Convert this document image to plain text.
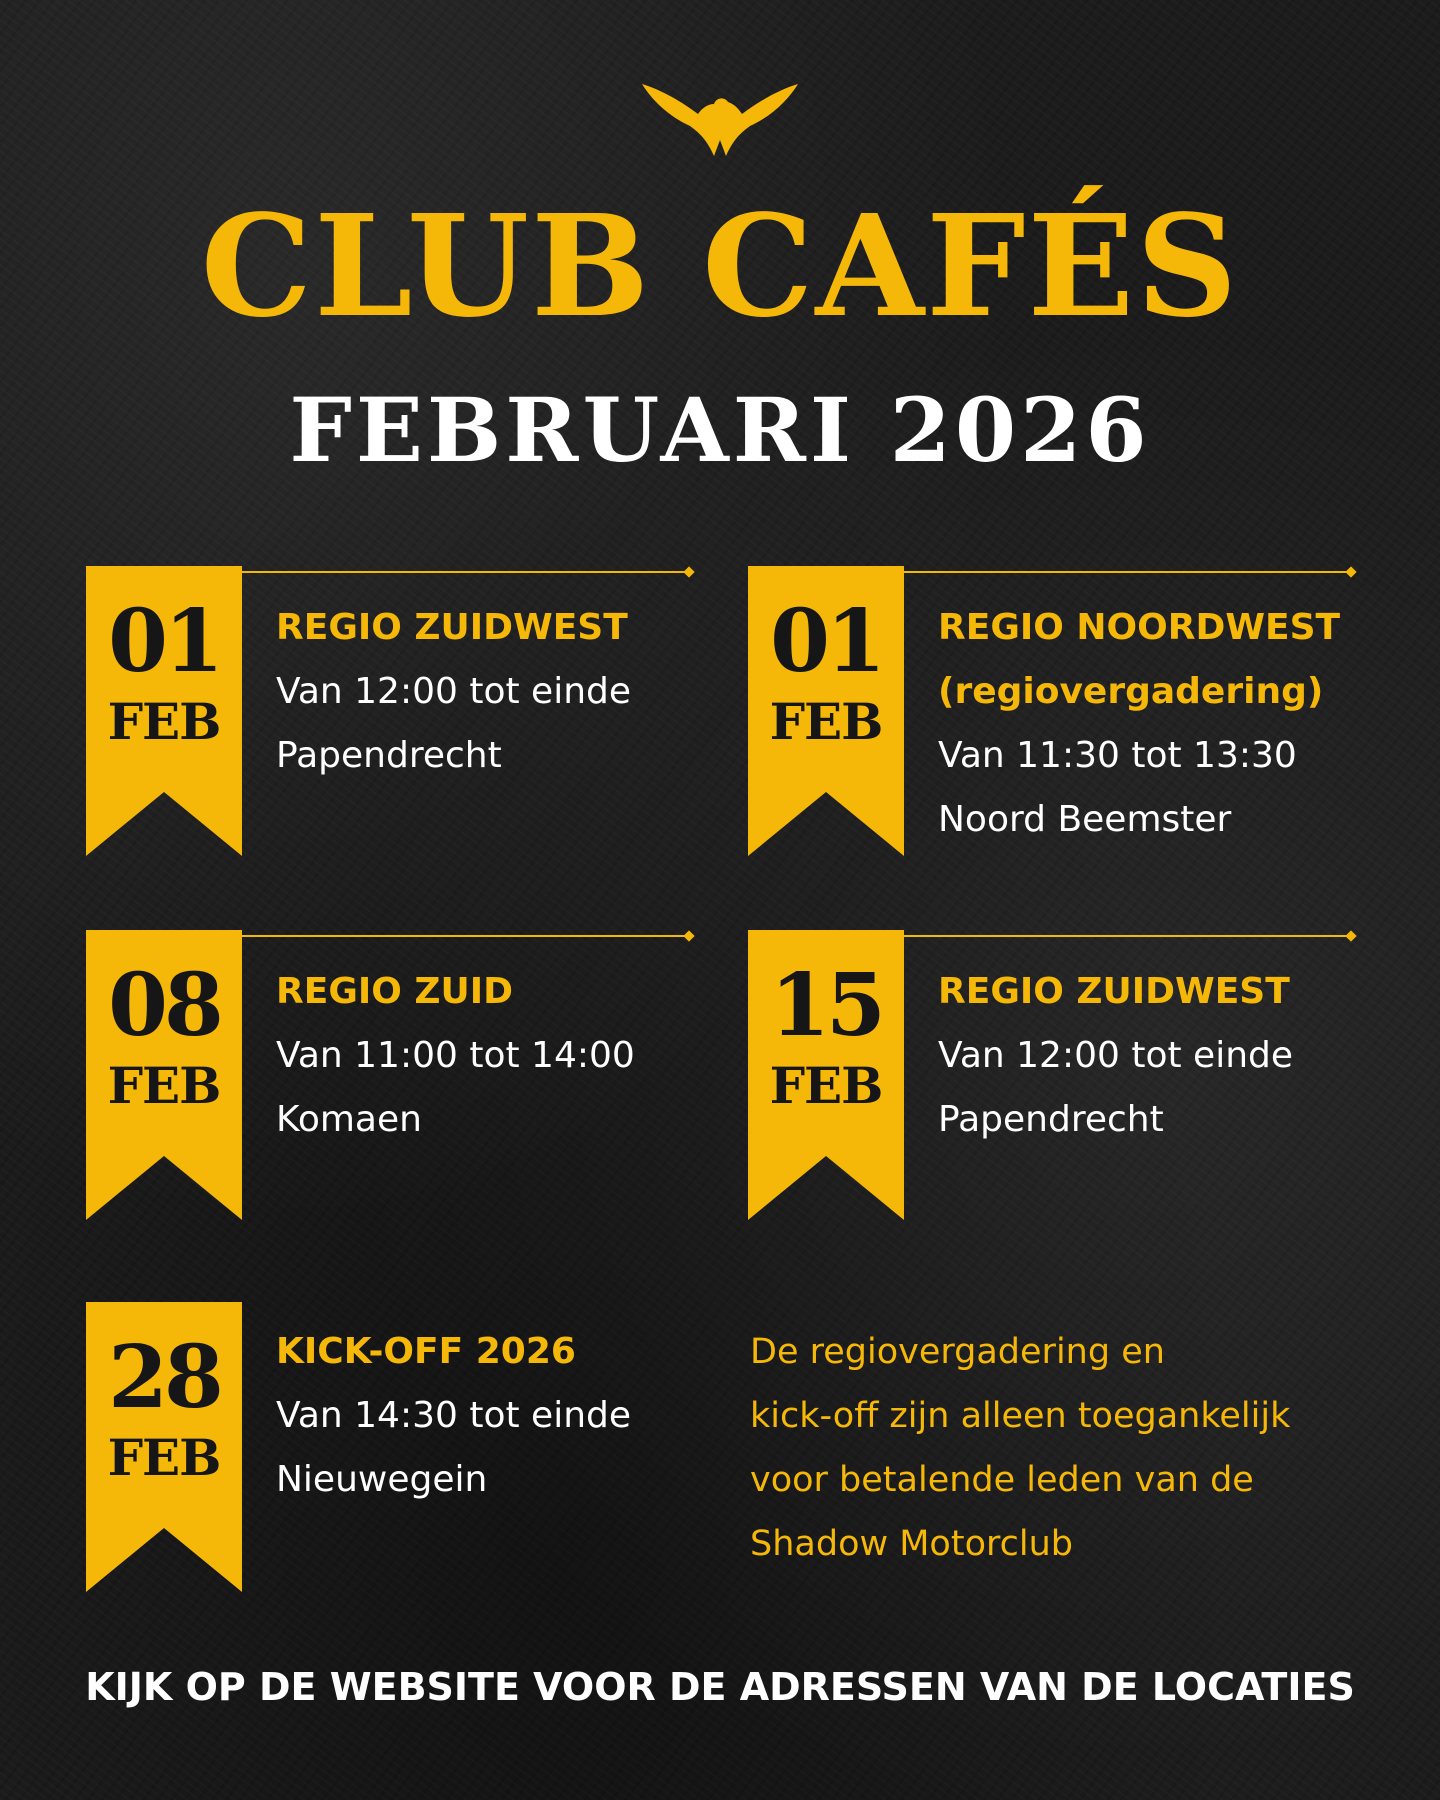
CLUB CAFÉS
FEBRUARI 2026
01
FEB
REGIO ZUIDWEST
Van 12:00 tot einde
Papendrecht
01
FEB
REGIO NOORDWEST
(regiovergadering)
Van 11:30 tot 13:30
Noord Beemster
08
FEB
REGIO ZUID
Van 11:00 tot 14:00
Komaen
15
FEB
REGIO ZUIDWEST
Van 12:00 tot einde
Papendrecht
28
FEB
KICK-OFF 2026
Van 14:30 tot einde
Nieuwegein
De regiovergadering en
kick-off zijn alleen toegankelijk
voor betalende leden van de
Shadow Motorclub
KIJK OP DE WEBSITE VOOR DE ADRESSEN VAN DE LOCATIES
